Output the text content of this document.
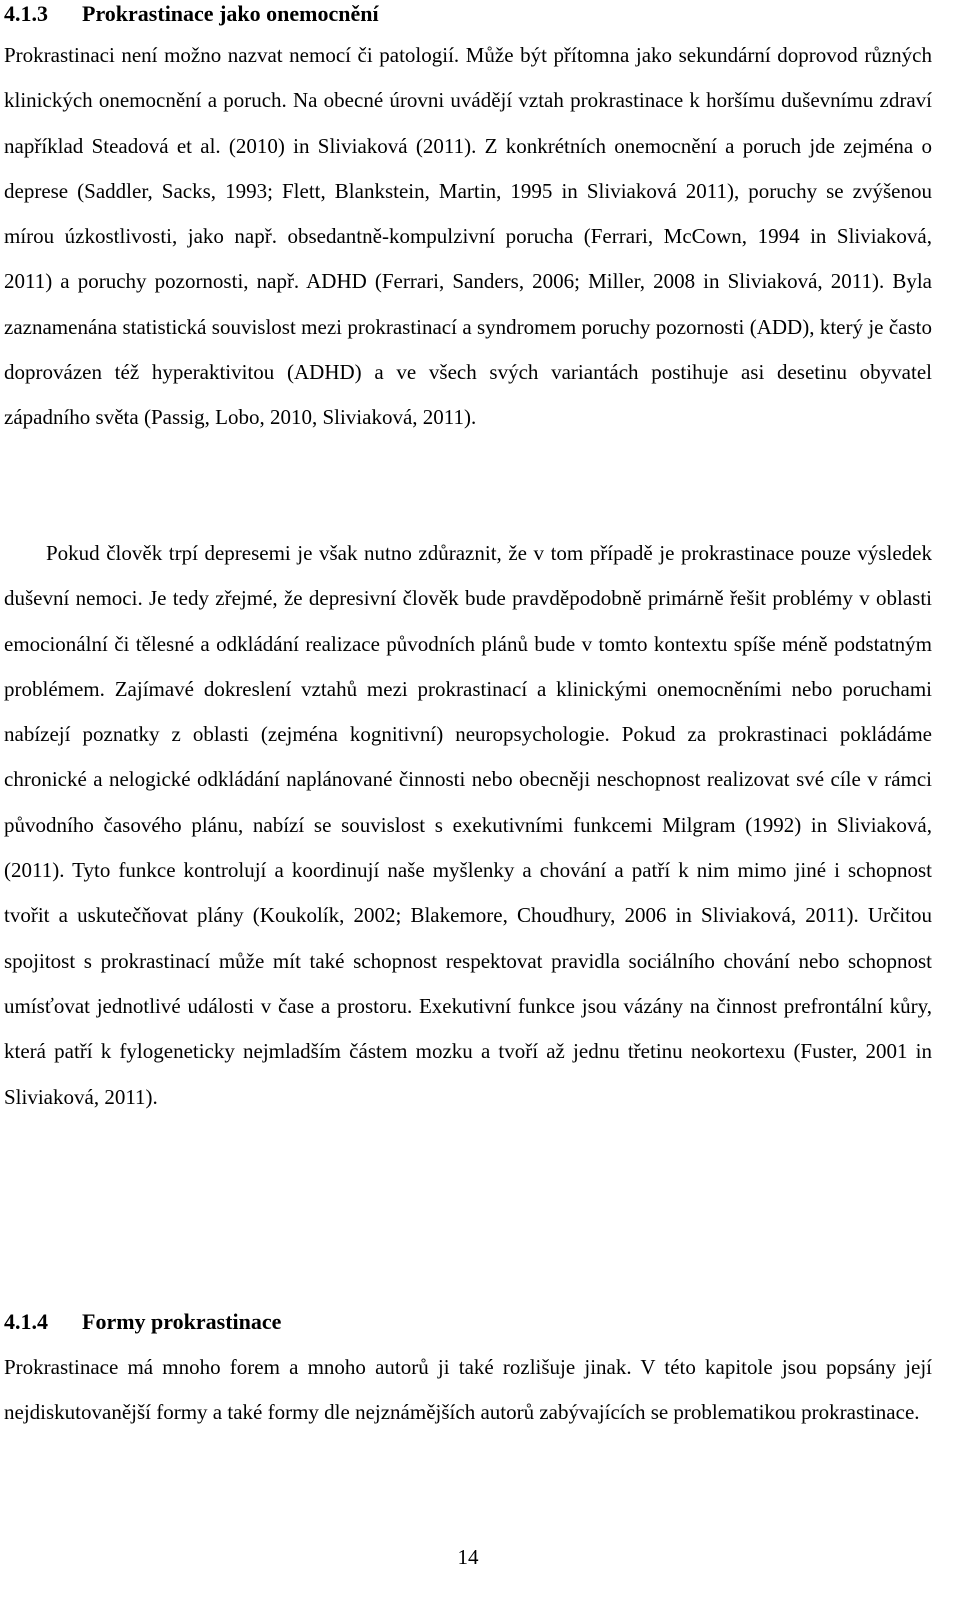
4.1.3 Prokrastinace jako onemocnění

Prokrastinaci není možno nazvat nemocí či patologií. Může být přítomna jako sekundární doprovod různých klinických onemocnění a poruch. Na obecné úrovni uvádějí vztah prokrastinace k horšímu duševnímu zdraví například Steadová et al. (2010) in Sliviaková (2011). Z konkrétních onemocnění a poruch jde zejména o deprese (Saddler, Sacks, 1993; Flett, Blankstein, Martin, 1995 in Sliviaková 2011), poruchy se zvýšenou mírou úzkostlivosti, jako např. obsedantně-kompulzivní porucha (Ferrari, McCown, 1994 in Sliviaková, 2011) a poruchy pozornosti, např. ADHD (Ferrari, Sanders, 2006; Miller, 2008 in Sliviaková, 2011). Byla zaznamenána statistická souvislost mezi prokrastinací a syndromem poruchy pozornosti (ADD), který je často doprovázen též hyperaktivitou (ADHD) a ve všech svých variantách postihuje asi desetinu obyvatel západního světa (Passig, Lobo, 2010, Sliviaková, 2011).

Pokud člověk trpí depresemi je však nutno zdůraznit, že v tom případě je prokrastinace pouze výsledek duševní nemoci. Je tedy zřejmé, že depresivní člověk bude pravděpodobně primárně řešit problémy v oblasti emocionální či tělesné a odkládání realizace původních plánů bude v tomto kontextu spíše méně podstatným problémem. Zajímavé dokreslení vztahů mezi prokrastinací a klinickými onemocněními nebo poruchami nabízejí poznatky z oblasti (zejména kognitivní) neuropsychologie. Pokud za prokrastinaci pokládáme chronické a nelogické odkládání naplánované činnosti nebo obecněji neschopnost realizovat své cíle v rámci původního časového plánu, nabízí se souvislost s exekutivními funkcemi Milgram (1992) in Sliviaková, (2011). Tyto funkce kontrolují a koordinují naše myšlenky a chování a patří k nim mimo jiné i schopnost tvořit a uskutečňovat plány (Koukolík, 2002; Blakemore, Choudhury, 2006 in Sliviaková, 2011). Určitou spojitost s prokrastinací může mít také schopnost respektovat pravidla sociálního chování nebo schopnost umísťovat jednotlivé události v čase a prostoru. Exekutivní funkce jsou vázány na činnost prefrontální kůry, která patří k fylogeneticky nejmladším částem mozku a tvoří až jednu třetinu neokortexu (Fuster, 2001 in Sliviaková, 2011).

4.1.4 Formy prokrastinace

Prokrastinace má mnoho forem a mnoho autorů ji také rozlišuje jinak. V této kapitole jsou popsány její nejdiskutovanější formy a také formy dle nejznámějších autorů zabývajících se problematikou prokrastinace.

14
